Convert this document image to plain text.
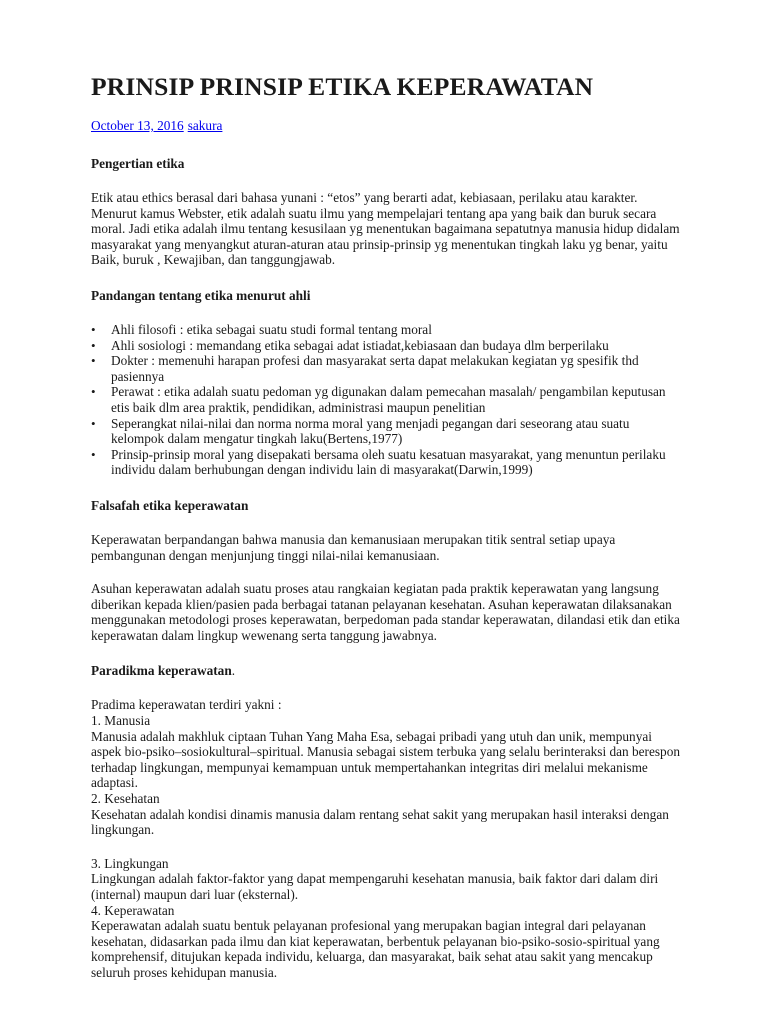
PRINSIP PRINSIP ETIKA KEPERAWATAN
October 13, 2016 sakura
Pengertian etika

Etik atau ethics berasal dari bahasa yunani : “etos” yang berarti adat, kebiasaan, perilaku atau karakter. Menurut kamus Webster, etik adalah suatu ilmu yang mempelajari tentang apa yang baik dan buruk secara moral. Jadi etika adalah ilmu tentang kesusilaan yg menentukan bagaimana sepatutnya manusia hidup didalam masyarakat yang menyangkut aturan-aturan atau prinsip-prinsip yg menentukan tingkah laku yg benar, yaitu Baik, buruk , Kewajiban, dan tanggungjawab.

Pandangan tentang etika menurut ahli
• Ahli filosofi : etika sebagai suatu studi formal tentang moral
• Ahli sosiologi : memandang etika sebagai adat istiadat,kebiasaan dan budaya dlm berperilaku
• Dokter : memenuhi harapan profesi dan masyarakat serta dapat melakukan kegiatan yg spesifik thd pasiennya
• Perawat : etika adalah suatu pedoman yg digunakan dalam pemecahan masalah/ pengambilan keputusan etis baik dlm area praktik, pendidikan, administrasi maupun penelitian
• Seperangkat nilai-nilai dan norma norma moral yang menjadi pegangan dari seseorang atau suatu kelompok dalam mengatur tingkah laku(Bertens,1977)
• Prinsip-prinsip moral yang disepakati bersama oleh suatu kesatuan masyarakat, yang menuntun perilaku individu dalam berhubungan dengan individu lain di masyarakat(Darwin,1999)
Falsafah etika keperawatan

Keperawatan berpandangan bahwa manusia dan kemanusiaan merupakan titik sentral setiap upaya pembangunan dengan menjunjung tinggi nilai-nilai kemanusiaan.

Asuhan keperawatan adalah suatu proses atau rangkaian kegiatan pada praktik keperawatan yang langsung diberikan kepada klien/pasien pada berbagai tatanan pelayanan kesehatan. Asuhan keperawatan dilaksanakan menggunakan metodologi proses keperawatan, berpedoman pada standar keperawatan, dilandasi etik dan etika keperawatan dalam lingkup wewenang serta tanggung jawabnya.

Paradikma keperawatan.

Pradima keperawatan terdiri yakni :

1. Manusia

Manusia adalah makhluk ciptaan Tuhan Yang Maha Esa, sebagai pribadi yang utuh dan unik, mempunyai aspek bio-psiko–sosiokultural–spiritual. Manusia sebagai sistem terbuka yang selalu berinteraksi dan berespon terhadap lingkungan, mempunyai kemampuan untuk mempertahankan integritas diri melalui mekanisme adaptasi.

2. Kesehatan

Kesehatan adalah kondisi dinamis manusia dalam rentang sehat sakit yang merupakan hasil interaksi dengan lingkungan.

3. Lingkungan

Lingkungan adalah faktor-faktor yang dapat mempengaruhi kesehatan manusia, baik faktor dari dalam diri (internal) maupun dari luar (eksternal).

4. Keperawatan

Keperawatan adalah suatu bentuk pelayanan profesional yang merupakan bagian integral dari pelayanan kesehatan, didasarkan pada ilmu dan kiat keperawatan, berbentuk pelayanan bio-psiko-sosio-spiritual yang komprehensif, ditujukan kepada individu, keluarga, dan masyarakat, baik sehat atau sakit yang mencakup seluruh proses kehidupan manusia.
